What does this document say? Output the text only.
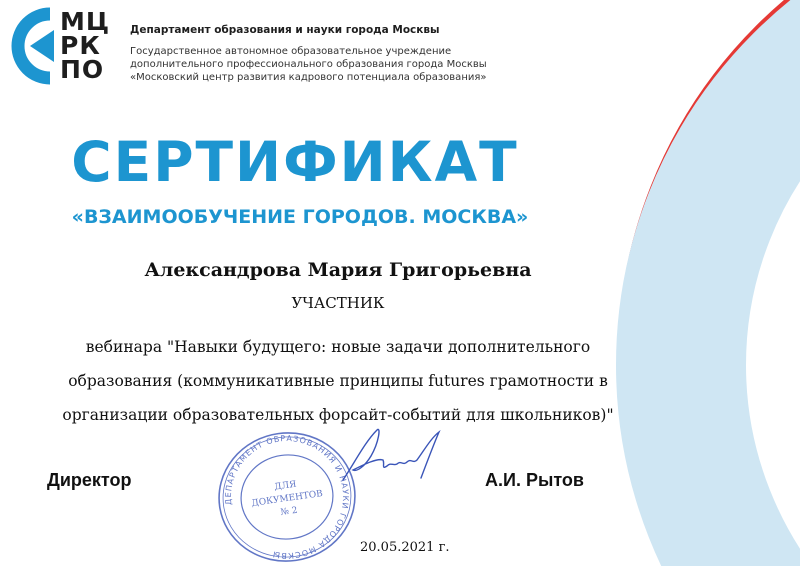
МЦ
РК
ПО
Департамент образования и науки города Москвы
Государственное автономное образовательное учреждение
дополнительного профессионального образования города Москвы
«Московский центр развития кадрового потенциала образования»
СЕРТИФИКАТ
«ВЗАИМООБУЧЕНИЕ ГОРОДОВ. МОСКВА»
Александрова Мария Григорьевна
УЧАСТНИК
вебинара "Навыки будущего: новые задачи дополнительного
образования (коммуникативные принципы futures грамотности в
организации образовательных форсайт-событий для школьников)"
ДЕПАРТАМЕНТ ОБРАЗОВАНИЯ И НАУКИ ГОРОДА МОСКВЫ
ДЛЯ
ДОКУМЕНТОВ
№ 2
Директор	А.И. Рытов
20.05.2021 г.
